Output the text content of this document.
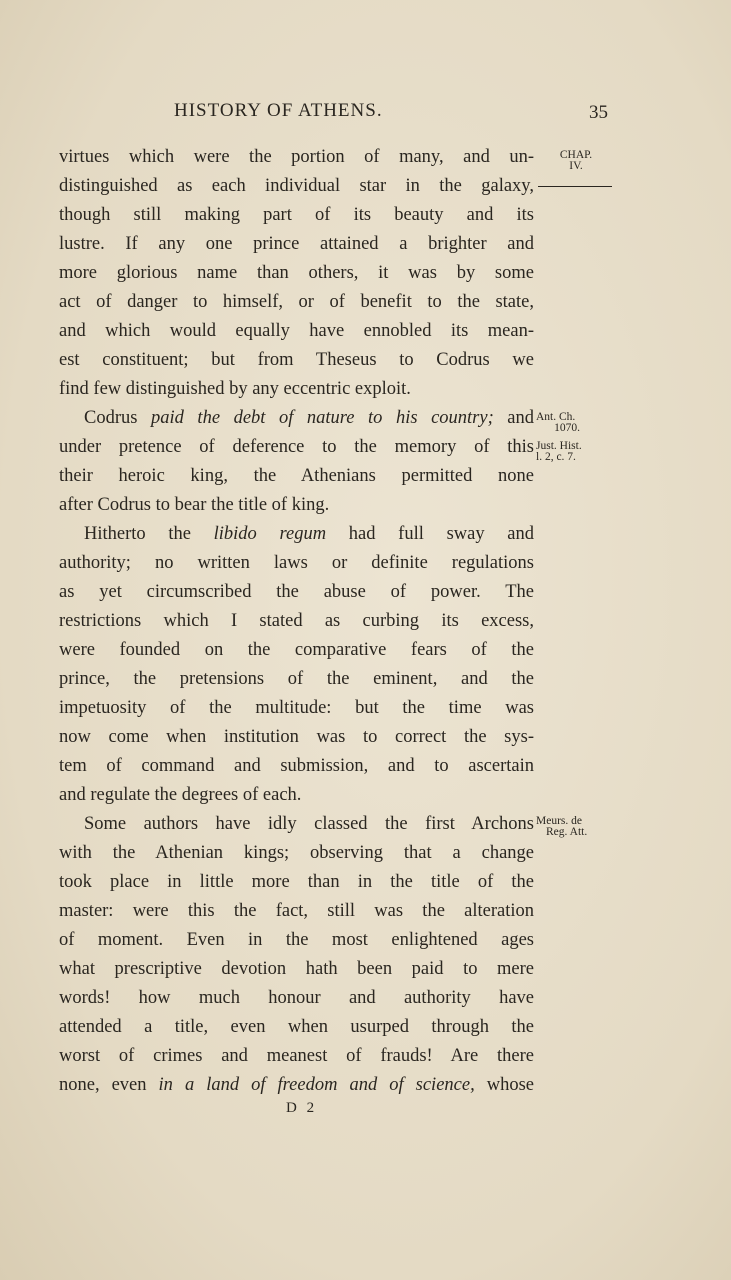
HISTORY OF ATHENS.	35
CHAP.
IV.
Ant. Ch.
1070.
Just. Hist.
l. 2, c. 7.
Meurs. de
Reg. Att.
virtues which were the portion of many, and un-
distinguished as each individual star in the galaxy,
though still making part of its beauty and its
lustre. If any one prince attained a brighter and
more glorious name than others, it was by some
act of danger to himself, or of benefit to the state,
and which would equally have ennobled its mean-
est constituent; but from Theseus to Codrus we
find few distinguished by any eccentric exploit.
Codrus paid the debt of nature to his country; and
under pretence of deference to the memory of this
their heroic king, the Athenians permitted none
after Codrus to bear the title of king.
Hitherto the libido regum had full sway and
authority; no written laws or definite regulations
as yet circumscribed the abuse of power. The
restrictions which I stated as curbing its excess,
were founded on the comparative fears of the
prince, the pretensions of the eminent, and the
impetuosity of the multitude: but the time was
now come when institution was to correct the sys-
tem of command and submission, and to ascertain
and regulate the degrees of each.
Some authors have idly classed the first Archons
with the Athenian kings; observing that a change
took place in little more than in the title of the
master: were this the fact, still was the alteration
of moment. Even in the most enlightened ages
what prescriptive devotion hath been paid to mere
words! how much honour and authority have
attended a title, even when usurped through the
worst of crimes and meanest of frauds! Are there
none, even in a land of freedom and of science, whose
D 2
